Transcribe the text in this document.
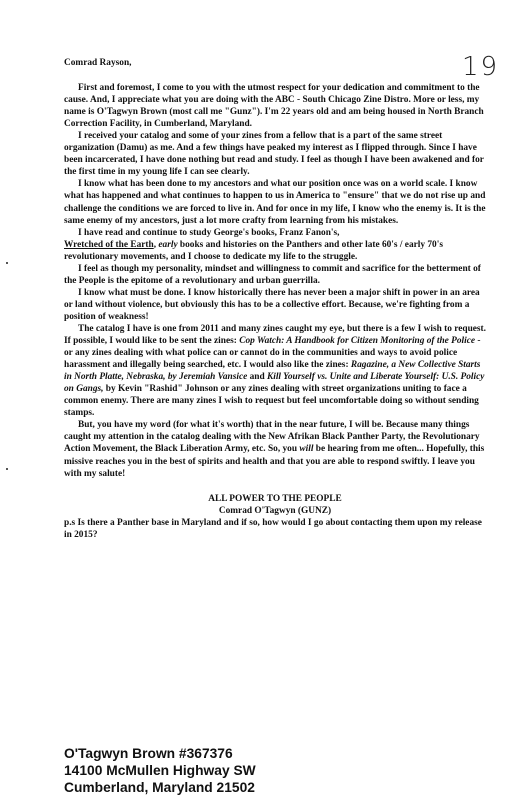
19

Comrad Rayson,

First and foremost, I come to you with the utmost respect for your dedication and commitment to the cause. And, I appreciate what you are doing with the ABC - South Chicago Zine Distro. More or less, my name is O'Tagwyn Brown (most call me "Gunz"). I'm 22 years old and am being housed in North Branch Correction Facility, in Cumberland, Maryland.

I received your catalog and some of your zines from a fellow that is a part of the same street organization (Damu) as me. And a few things have peaked my interest as I flipped through. Since I have been incarcerated, I have done nothing but read and study. I feel as though I have been awakened and for the first time in my young life I can see clearly.

I know what has been done to my ancestors and what our position once was on a world scale. I know what has happened and what continues to happen to us in America to "ensure" that we do not rise up and challenge the conditions we are forced to live in. And for once in my life, I know who the enemy is. It is the same enemy of my ancestors, just a lot more crafty from learning from his mistakes.

I have read and continue to study George's books, Franz Fanon's,
Wretched of the Earth, early books and histories on the Panthers and other late 60's / early 70's revolutionary movements, and I choose to dedicate my life to the struggle.

I feel as though my personality, mindset and willingness to commit and sacrifice for the betterment of the People is the epitome of a revolutionary and urban guerrilla.

I know what must be done. I know historically there has never been a major shift in power in an area or land without violence, but obviously this has to be a collective effort. Because, we're fighting from a position of weakness!

The catalog I have is one from 2011 and many zines caught my eye, but there is a few I wish to request. If possible, I would like to be sent the zines: Cop Watch: A Handbook for Citizen Monitoring of the Police - or any zines dealing with what police can or cannot do in the communities and ways to avoid police harassment and illegally being searched, etc. I would also like the zines: Ragazine, a New Collective Starts in North Platte, Nebraska, by Jeremiah Vansice and Kill Yourself vs. Unite and Liberate Yourself: U.S. Policy on Gangs, by Kevin "Rashid" Johnson or any zines dealing with street organizations uniting to face a common enemy. There are many zines I wish to request but feel uncomfortable doing so without sending stamps.

But, you have my word (for what it's worth) that in the near future, I will be. Because many things caught my attention in the catalog dealing with the New Afrikan Black Panther Party, the Revolutionary Action Movement, the Black Liberation Army, etc. So, you will be hearing from me often... Hopefully, this missive reaches you in the best of spirits and health and that you are able to respond swiftly. I leave you with my salute!

ALL POWER TO THE PEOPLE
Comrad O'Tagwyn (GUNZ)

p.s Is there a Panther base in Maryland and if so, how would I go about contacting them upon my release in 2015?

O'Tagwyn Brown #367376
14100 McMullen Highway SW
Cumberland, Maryland 21502
